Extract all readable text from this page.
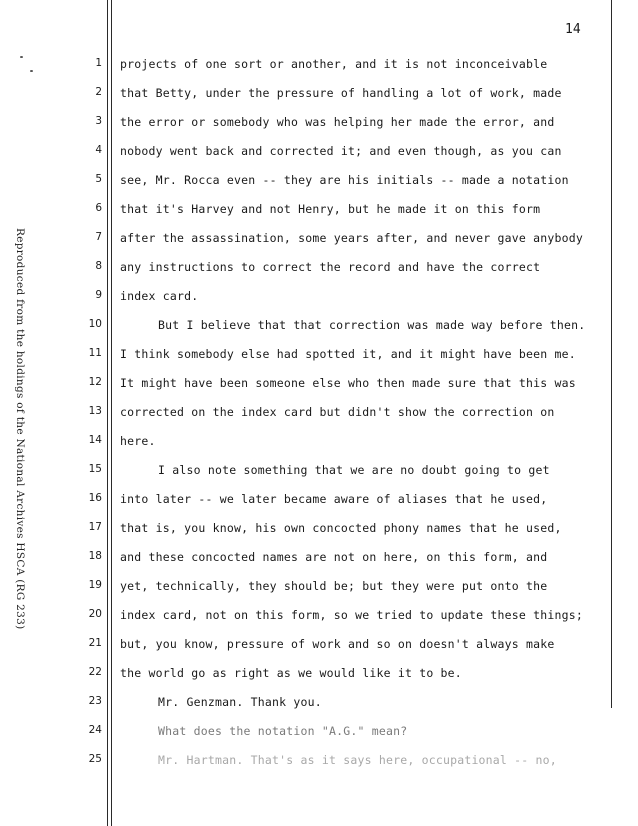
14
Reproduced from the holdings of the National Archives HSCA (RG 233)
1
2
3
4
5
6
7
8
9
10
11
12
13
14
15
16
17
18
19
20
21
22
23
24
25
projects of one sort or another, and it is not inconceivable
that Betty, under the pressure of handling a lot of work, made
the error or somebody who was helping her made the error, and
nobody went back and corrected it; and even though, as you can
see, Mr. Rocca even -- they are his initials -- made a notation
that it's Harvey and not Henry, but he made it on this form
after the assassination, some years after, and never gave anybody
any instructions to correct the record and have the correct
index card.
But I believe that that correction was made way before then.
I think somebody else had spotted it, and it might have been me.
It might have been someone else who then made sure that this was
corrected on the index card but didn't show the correction on
here.
I also note something that we are no doubt going to get
into later -- we later became aware of aliases that he used,
that is, you know, his own concocted phony names that he used,
and these concocted names are not on here, on this form, and
yet, technically, they should be; but they were put onto the
index card, not on this form, so we tried to update these things;
but, you know, pressure of work and so on doesn't always make
the world go as right as we would like it to be.
Mr. Genzman. Thank you.
What does the notation "A.G." mean?
Mr. Hartman. That's as it says here, occupational -- no,
